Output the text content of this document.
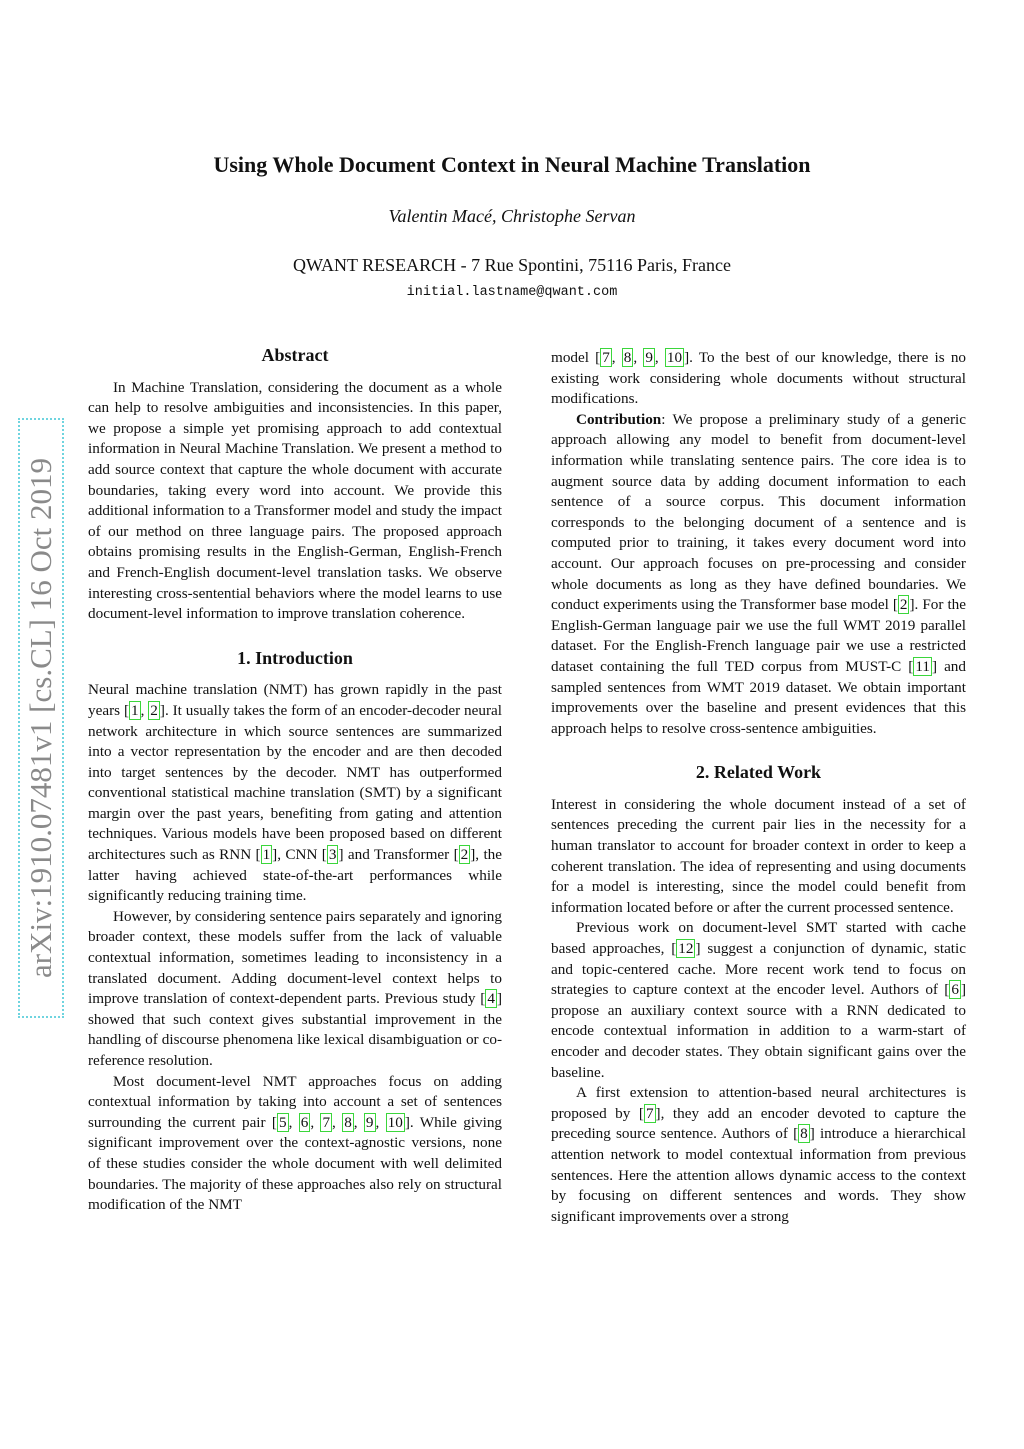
Using Whole Document Context in Neural Machine Translation
Valentin Macé, Christophe Servan
QWANT RESEARCH - 7 Rue Spontini, 75116 Paris, France
initial.lastname@qwant.com
arXiv:1910.07481v1 [cs.CL] 16 Oct 2019
Abstract

In Machine Translation, considering the document as a whole can help to resolve ambiguities and inconsistencies. In this paper, we propose a simple yet promising approach to add contextual information in Neural Machine Translation. We present a method to add source context that capture the whole document with accurate boundaries, taking every word into account. We provide this additional information to a Transformer model and study the impact of our method on three language pairs. The proposed approach obtains promising results in the English-German, English-French and French-English document-level translation tasks. We observe interesting cross-sentential behaviors where the model learns to use document-level information to improve translation coherence.

1. Introduction

Neural machine translation (NMT) has grown rapidly in the past years [ 1 , 2 ]. It usually takes the form of an encoder-decoder neural network architecture in which source sentences are summarized into a vector representation by the encoder and are then decoded into target sentences by the decoder. NMT has outperformed conventional statistical machine translation (SMT) by a significant margin over the past years, benefiting from gating and attention techniques. Various models have been proposed based on different architectures such as RNN [ 1 ], CNN [ 3 ] and Transformer [ 2 ], the latter having achieved state-of-the-art performances while significantly reducing training time.

However, by considering sentence pairs separately and ignoring broader context, these models suffer from the lack of valuable contextual information, sometimes leading to inconsistency in a translated document. Adding document-level context helps to improve translation of context-dependent parts. Previous study [ 4 ] showed that such context gives substantial improvement in the handling of discourse phenomena like lexical disambiguation or co-reference resolution.

Most document-level NMT approaches focus on adding contextual information by taking into account a set of sentences surrounding the current pair [ 5 , 6 , 7 , 8 , 9 , 10 ]. While giving significant improvement over the context-agnostic versions, none of these studies consider the whole document with well delimited boundaries. The majority of these approaches also rely on structural modification of the NMT

model [ 7 , 8 , 9 , 10 ]. To the best of our knowledge, there is no existing work considering whole documents without structural modifications.

Contribution: We propose a preliminary study of a generic approach allowing any model to benefit from document-level information while translating sentence pairs. The core idea is to augment source data by adding document information to each sentence of a source corpus. This document information corresponds to the belonging document of a sentence and is computed prior to training, it takes every document word into account. Our approach focuses on pre-processing and consider whole documents as long as they have defined boundaries. We conduct experiments using the Transformer base model [ 2 ]. For the English-German language pair we use the full WMT 2019 parallel dataset. For the English-French language pair we use a restricted dataset containing the full TED corpus from MUST-C [ 11 ] and sampled sentences from WMT 2019 dataset. We obtain important improvements over the baseline and present evidences that this approach helps to resolve cross-sentence ambiguities.

2. Related Work

Interest in considering the whole document instead of a set of sentences preceding the current pair lies in the necessity for a human translator to account for broader context in order to keep a coherent translation. The idea of representing and using documents for a model is interesting, since the model could benefit from information located before or after the current processed sentence.

Previous work on document-level SMT started with cache based approaches, [ 12 ] suggest a conjunction of dynamic, static and topic-centered cache. More recent work tend to focus on strategies to capture context at the encoder level. Authors of [ 6 ] propose an auxiliary context source with a RNN dedicated to encode contextual information in addition to a warm-start of encoder and decoder states. They obtain significant gains over the baseline.

A first extension to attention-based neural architectures is proposed by [ 7 ], they add an encoder devoted to capture the preceding source sentence. Authors of [ 8 ] introduce a hierarchical attention network to model contextual information from previous sentences. Here the attention allows dynamic access to the context by focusing on different sentences and words. They show significant improvements over a strong
